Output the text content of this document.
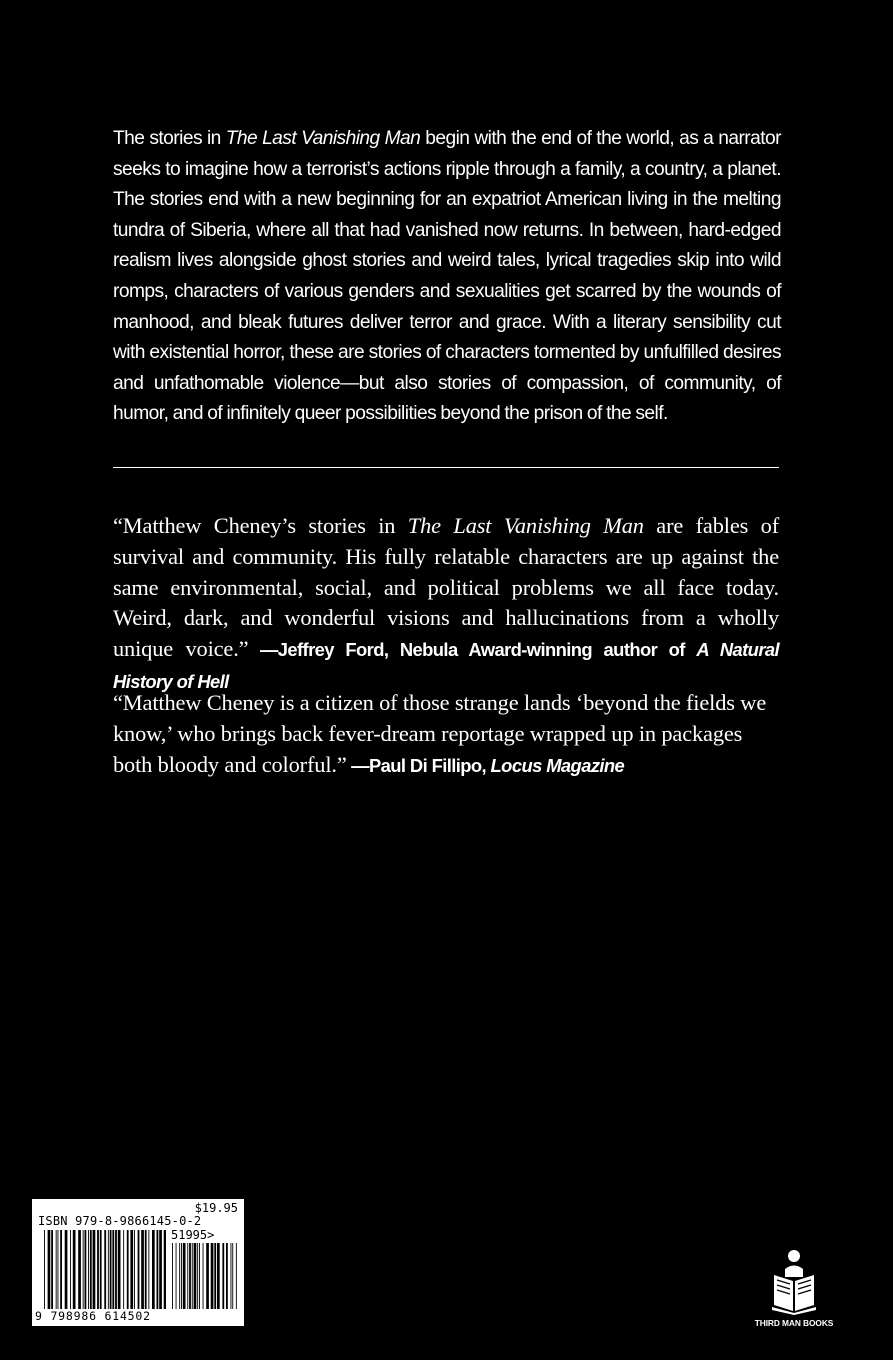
The stories in The Last Vanishing Man begin with the end of the world, as a narrator seeks to imagine how a terrorist’s actions ripple through a family, a country, a planet. The stories end with a new beginning for an expatriot American living in the melting tundra of Siberia, where all that had vanished now returns. In between, hard-edged realism lives alongside ghost stories and weird tales, lyrical tragedies skip into wild romps, characters of various genders and sexualities get scarred by the wounds of manhood, and bleak futures deliver terror and grace. With a literary sensibility cut with existential horror, these are stories of characters tormented by unfulfilled desires and unfathomable violence—but also stories of compassion, of community, of humor, and of infinitely queer possibilities beyond the prison of the self.

“Matthew Cheney’s stories in The Last Vanishing Man are fables of survival and community. His fully relatable characters are up against the same environmental, social, and political problems we all face today. Weird, dark, and wonderful visions and hallucinations from a wholly unique voice.” —Jeffrey Ford, Nebula Award-winning author of A Natural History of Hell

“Matthew Cheney is a citizen of those strange lands ‘beyond the fields we know,’ who brings back fever-dream reportage wrapped up in packages both bloody and colorful.” —Paul Di Fillipo, Locus Magazine

$19.95
ISBN 979-8-9866145-0-2
51995>
9 798986 614502	THIRD MAN BOOKS
